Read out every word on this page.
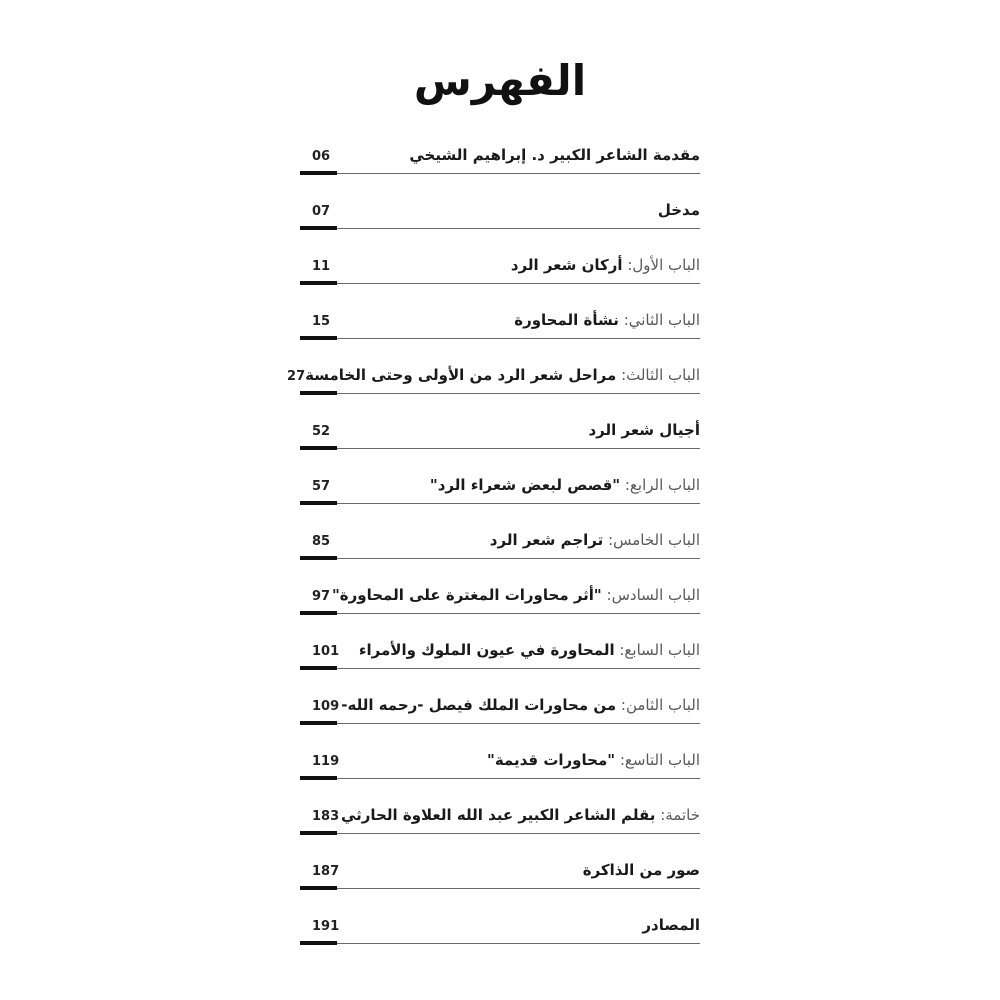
الفهرس
مقدمة الشاعر الكبير د. إبراهيم الشيخي
06
مدخل
07
الباب الأول: أركان شعر الرد
11
الباب الثاني: نشأة المحاورة
15
الباب الثالث: مراحل شعر الرد من الأولى وحتى الخامسة
27
أجيال شعر الرد
52
الباب الرابع: "قصص لبعض شعراء الرد"
57
الباب الخامس: تراجم شعر الرد
85
الباب السادس: "أثر محاورات المغترة على المحاورة"
97
الباب السابع: المحاورة في عيون الملوك والأمراء
101
الباب الثامن: من محاورات الملك فيصل -رحمه الله-
109
الباب التاسع: "محاورات قديمة"
119
خاتمة: بقلم الشاعر الكبير عبد الله العلاوة الحارثي
183
صور من الذاكرة
187
المصادر
191
